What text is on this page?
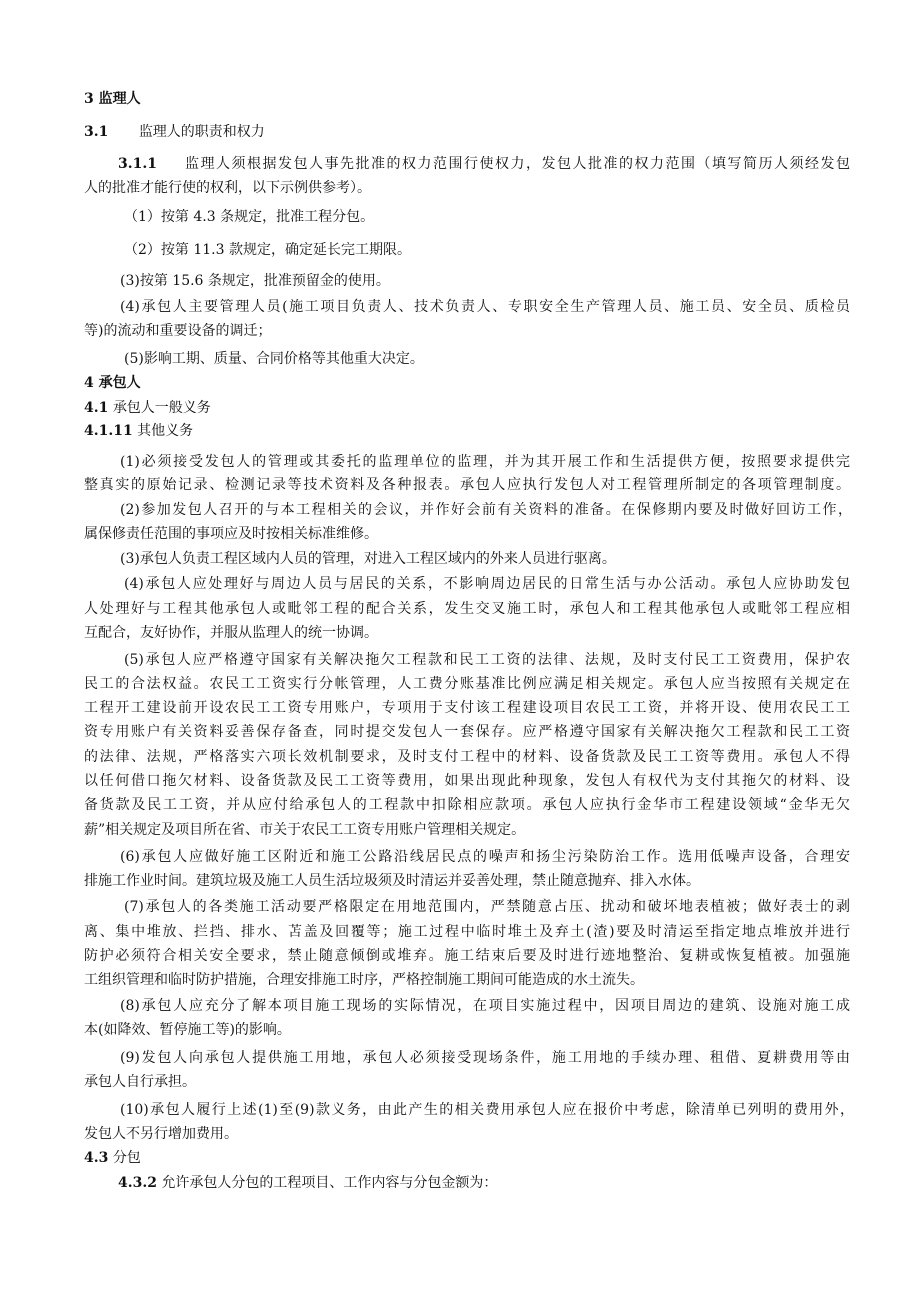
3 监理人
3.1 监理人的职责和权力
3.1.1 监理人须根据发包人事先批准的权力范围行使权力，发包人批准的权力范围（填写简历人须经发包
人的批准才能行使的权利，以下示例供参考）。
（1）按第 4.3 条规定，批准工程分包。
（2）按第 11.3 款规定，确定延长完工期限。
(3)按第 15.6 条规定，批准预留金的使用。
(4)承包人主要管理人员(施工项目负责人、技术负责人、专职安全生产管理人员、施工员、安全员、质检员
等)的流动和重要设备的调迁；
(5)影响工期、质量、合同价格等其他重大决定。
4 承包人
4.1 承包人一般义务
4.1.11 其他义务
(1)必须接受发包人的管理或其委托的监理单位的监理，并为其开展工作和生活提供方便，按照要求提供完
整真实的原始记录、检测记录等技术资料及各种报表。承包人应执行发包人对工程管理所制定的各项管理制度。
(2)参加发包人召开的与本工程相关的会议，并作好会前有关资料的准备。在保修期内要及时做好回访工作，
属保修责任范围的事项应及时按相关标准维修。
(3)承包人负责工程区域内人员的管理，对进入工程区域内的外来人员进行驱离。
(4)承包人应处理好与周边人员与居民的关系，不影响周边居民的日常生活与办公活动。承包人应协助发包
人处理好与工程其他承包人或毗邻工程的配合关系，发生交叉施工时，承包人和工程其他承包人或毗邻工程应相
互配合，友好协作，并服从监理人的统一协调。
(5)承包人应严格遵守国家有关解决拖欠工程款和民工工资的法律、法规，及时支付民工工资费用，保护农
民工的合法权益。农民工工资实行分帐管理，人工费分账基准比例应满足相关规定。承包人应当按照有关规定在
工程开工建设前开设农民工工资专用账户，专项用于支付该工程建设项目农民工工资，并将开设、使用农民工工
资专用账户有关资料妥善保存备查，同时提交发包人一套保存。应严格遵守国家有关解决拖欠工程款和民工工资
的法律、法规，严格落实六项长效机制要求，及时支付工程中的材料、设备货款及民工工资等费用。承包人不得
以任何借口拖欠材料、设备货款及民工工资等费用，如果出现此种现象，发包人有权代为支付其拖欠的材料、设
备货款及民工工资，并从应付给承包人的工程款中扣除相应款项。承包人应执行金华市工程建设领域“金华无欠
薪”相关规定及项目所在省、市关于农民工工资专用账户管理相关规定。
(6)承包人应做好施工区附近和施工公路沿线居民点的噪声和扬尘污染防治工作。选用低噪声设备，合理安
排施工作业时间。建筑垃圾及施工人员生活垃圾须及时清运并妥善处理，禁止随意抛弃、排入水体。
(7)承包人的各类施工活动要严格限定在用地范围内，严禁随意占压、扰动和破坏地表植被；做好表士的剥
离、集中堆放、拦挡、排水、苫盖及回覆等；施工过程中临时堆土及弃土(渣)要及时清运至指定地点堆放并进行
防护必须符合相关安全要求，禁止随意倾倒或堆弃。施工结束后要及时进行迹地整治、复耕或恢复植被。加强施
工组织管理和临时防护措施，合理安排施工时序，严格控制施工期间可能造成的水土流失。
(8)承包人应充分了解本项目施工现场的实际情况，在项目实施过程中，因项目周边的建筑、设施对施工成
本(如降效、暂停施工等)的影响。
(9)发包人向承包人提供施工用地，承包人必须接受现场条件，施工用地的手续办理、租借、夏耕费用等由
承包人自行承担。
(10)承包人履行上述(1)至(9)款义务，由此产生的相关费用承包人应在报价中考虑，除清单已列明的费用外，
发包人不另行增加费用。
4.3 分包
4.3.2 允许承包人分包的工程项目、工作内容与分包金额为：
